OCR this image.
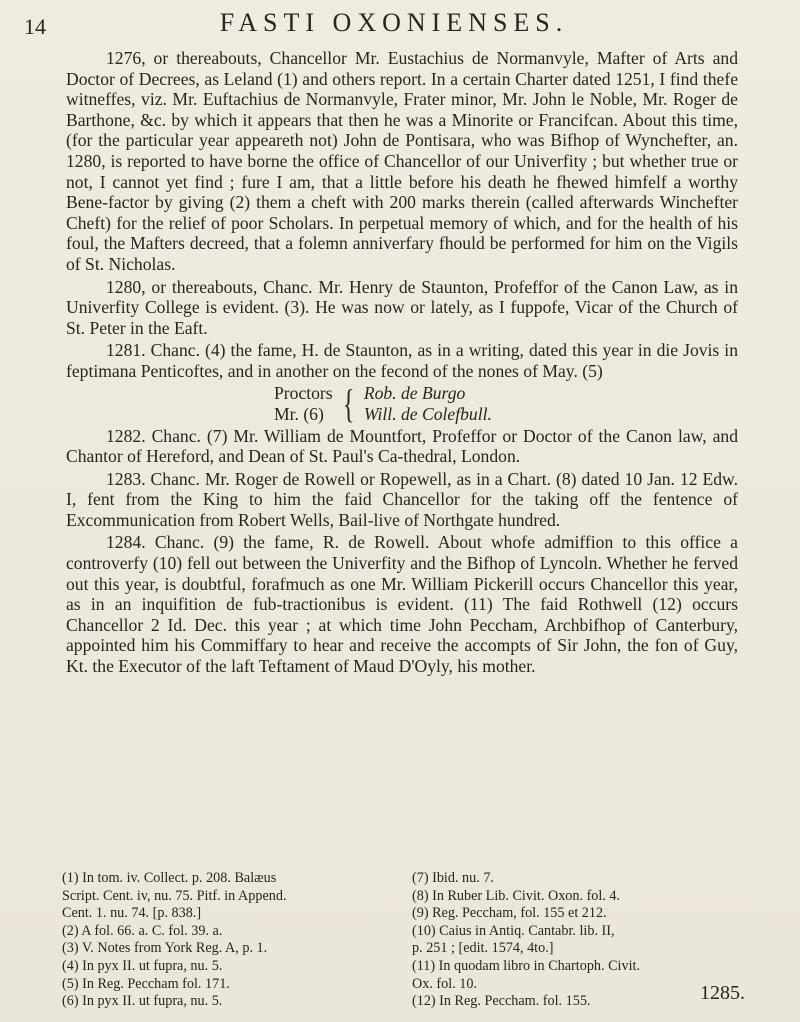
14	FASTI OXONIENSES.

1276, or thereabouts, Chancellor Mr. Eustachius de Normanvyle, Mafter of Arts and Doctor of Decrees, as Leland (1) and others report. In a certain Charter dated 1251, I find thefe witneffes, viz. Mr. Euftachius de Normanvyle, Frater minor, Mr. John le Noble, Mr. Roger de Barthone, &c. by which it appears that then he was a Minorite or Francifcan. About this time, (for the particular year appeareth not) John de Pontisara, who was Bifhop of Wynchefter, an. 1280, is reported to have borne the office of Chancellor of our Univerfity ; but whether true or not, I cannot yet find ; fure I am, that a little before his death he fhewed himfelf a worthy Bene-factor by giving (2) them a cheft with 200 marks therein (called afterwards Winchefter Cheft) for the relief of poor Scholars. In perpetual memory of which, and for the health of his foul, the Mafters decreed, that a folemn anniverfary fhould be performed for him on the Vigils of St. Nicholas.

1280, or thereabouts, Chanc. Mr. Henry de Staunton, Profeffor of the Canon Law, as in Univerfity College is evident. (3). He was now or lately, as I fuppofe, Vicar of the Church of St. Peter in the Eaft.

1281. Chanc. (4) the fame, H. de Staunton, as in a writing, dated this year in die Jovis in feptimana Penticoftes, and in another on the fecond of the nones of May. (5)

Proctors
Mr. (6) { Rob. de Burgo
Will. de Colefbull.

1282. Chanc. (7) Mr. William de Mountfort, Profeffor or Doctor of the Canon law, and Chantor of Hereford, and Dean of St. Paul's Ca-thedral, London.

1283. Chanc. Mr. Roger de Rowell or Ropewell, as in a Chart. (8) dated 10 Jan. 12 Edw. I, fent from the King to him the faid Chancellor for the taking off the fentence of Excommunication from Robert Wells, Bail-live of Northgate hundred.

1284. Chanc. (9) the fame, R. de Rowell. About whofe admiffion to this office a controverfy (10) fell out between the Univerfity and the Bifhop of Lyncoln. Whether he ferved out this year, is doubtful, forafmuch as one Mr. William Pickerill occurs Chancellor this year, as in an inquifition de fub-tractionibus is evident. (11) The faid Rothwell (12) occurs Chancellor 2 Id. Dec. this year ; at which time John Peccham, Archbifhop of Canterbury, appointed him his Commiffary to hear and receive the accompts of Sir John, the fon of Guy, Kt. the Executor of the laft Teftament of Maud D'Oyly, his mother.

(1) In tom. iv. Collect. p. 208. Balæus
Script. Cent. iv, nu. 75. Pitf. in Append.
Cent. 1. nu. 74. [p. 838.]
(2) A fol. 66. a. C. fol. 39. a.
(3) V. Notes from York Reg. A, p. 1.
(4) In pyx II. ut fupra, nu. 5.
(5) In Reg. Peccham fol. 171.
(6) In pyx II. ut fupra, nu. 5.
(7) Ibid. nu. 7.
(8) In Ruber Lib. Civit. Oxon. fol. 4.
(9) Reg. Peccham, fol. 155 et 212.
(10) Caius in Antiq. Cantabr. lib. II,
p. 251 ; [edit. 1574, 4to.]
(11) In quodam libro in Chartoph. Civit.
Ox. fol. 10.
(12) In Reg. Peccham. fol. 155.	1285.
